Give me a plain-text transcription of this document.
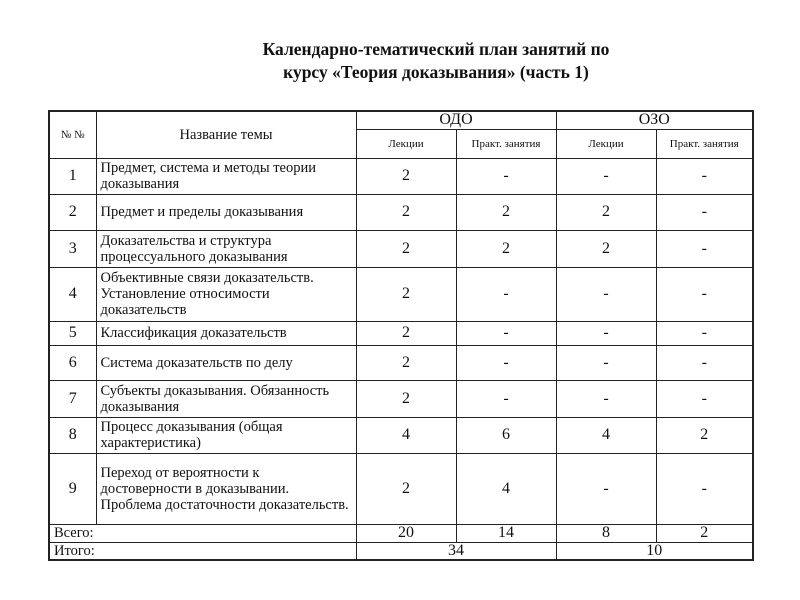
Календарно-тематический план занятий по
курсу «Теория доказывания» (часть 1)
№ №	Название темы	ОДО		ОЗО	
		Лекции	Практ. занятия	Лекции	Практ. занятия
1	Предмет, система и методы теории доказывания	2	-	-	-
2	Предмет и пределы доказывания	2	2	2	-
3	Доказательства и структура процессуального доказывания	2	2	2	-
4	Объективные связи доказательств. Установление относимости доказательств	2	-	-	-
5	Классификация доказательств	2	-	-	-
6	Система доказательств по делу	2	-	-	-
7	Субъекты доказывания. Обязанность доказывания	2	-	-	-
8	Процесс доказывания (общая характеристика)	4	6	4	2
9	Переход от вероятности к достоверности в доказывании. Проблема достаточности доказательств.	2	4	-	-
Всего:		20	14	8	2
Итого:		34		10	
